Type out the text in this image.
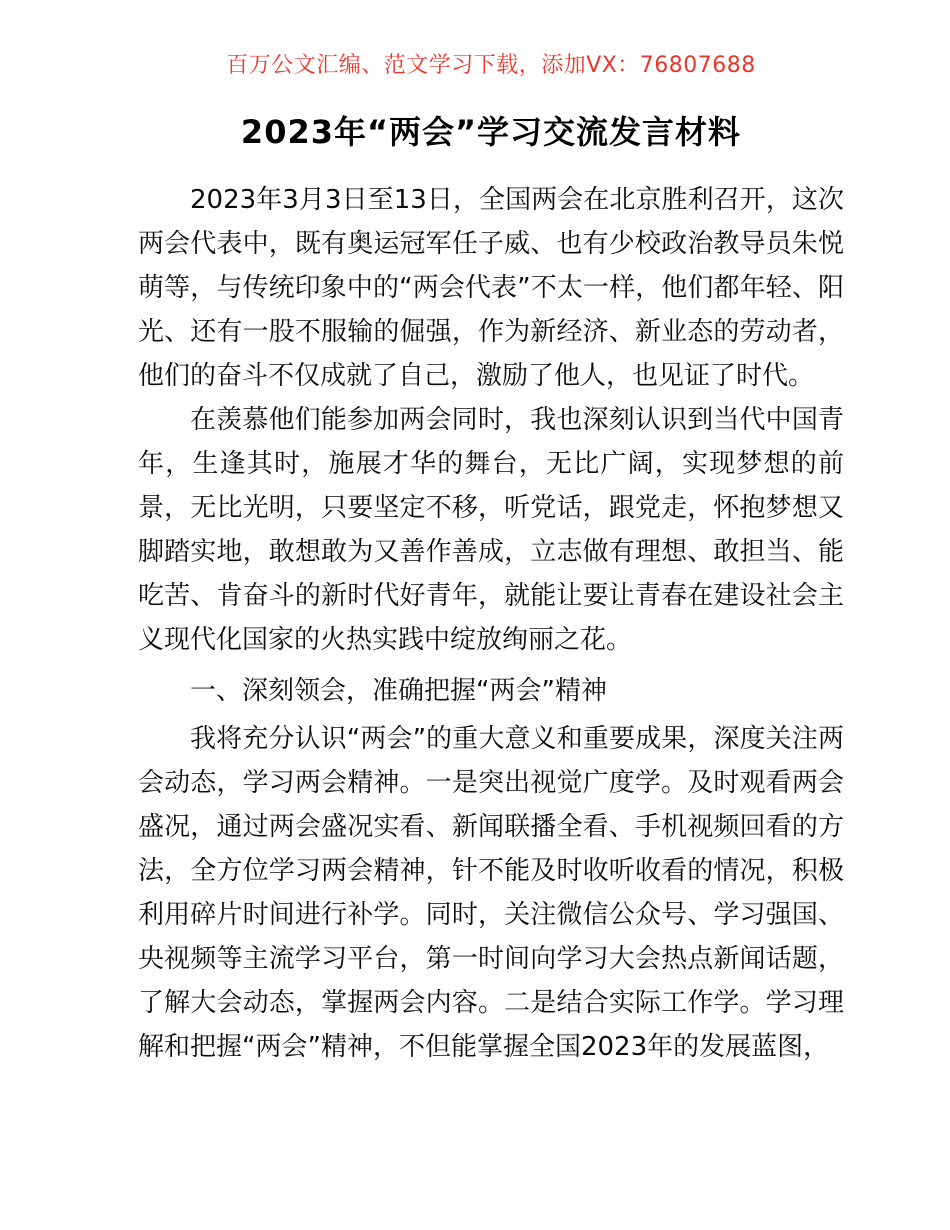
百万公文汇编、范文学习下载，添加VX：76807688
2023年“两会”学习交流发言材料

2023年3月3日至13日，全国两会在北京胜利召开，这次两会代表中，既有奥运冠军任子威、也有少校政治教导员朱悦萌等，与传统印象中的“两会代表”不太一样，他们都年轻、阳光、还有一股不服输的倔强，作为新经济、新业态的劳动者，他们的奋斗不仅成就了自己，激励了他人，也见证了时代。

在羡慕他们能参加两会同时，我也深刻认识到当代中国青年，生逢其时，施展才华的舞台，无比广阔，实现梦想的前景，无比光明，只要坚定不移，听党话，跟党走，怀抱梦想又脚踏实地，敢想敢为又善作善成，立志做有理想、敢担当、能吃苦、肯奋斗的新时代好青年，就能让要让青春在建设社会主义现代化国家的火热实践中绽放绚丽之花。

一、深刻领会，准确把握“两会”精神

我将充分认识“两会”的重大意义和重要成果，深度关注两会动态，学习两会精神。一是突出视觉广度学。及时观看两会盛况，通过两会盛况实看、新闻联播全看、手机视频回看的方法，全方位学习两会精神，针不能及时收听收看的情况，积极利用碎片时间进行补学。同时，关注微信公众号、学习强国、央视频等主流学习平台，第一时间向学习大会热点新闻话题，了解大会动态，掌握两会内容。二是结合实际工作学。学习理解和把握“两会”精神，不但能掌握全国2023年的发展蓝图，
